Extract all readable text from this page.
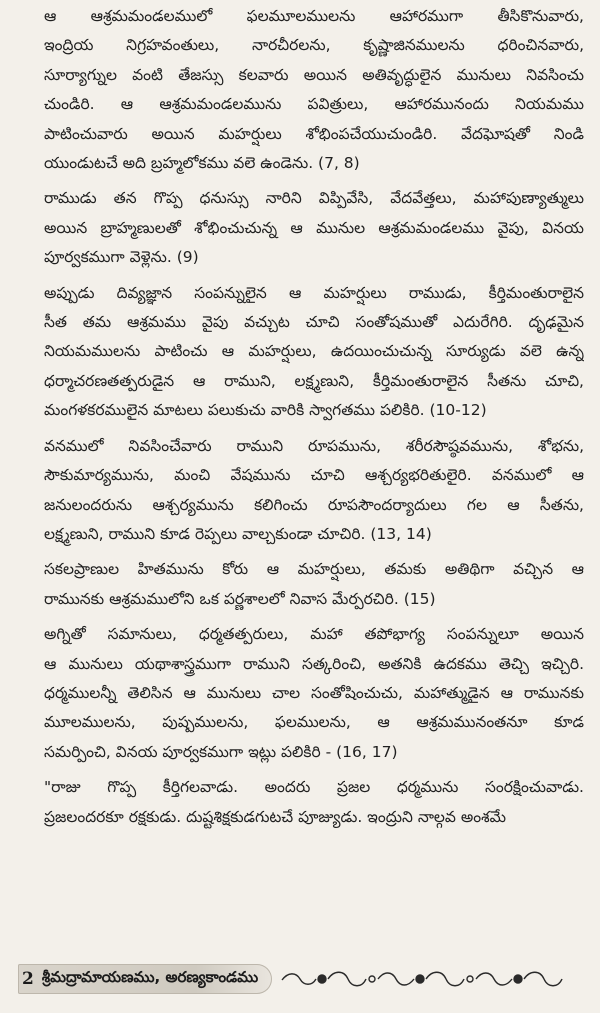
ఆ ఆశ్రమమండలములో ఫలమూలములను ఆహారముగా తీసికొనువారు,
ఇంద్రియ నిగ్రహవంతులు, నారచీరలను, కృష్ణాజినములను ధరించినవారు,
సూర్యాగ్నుల వంటి తేజస్సు కలవారు అయిన అతివృద్ధులైన మునులు నివసించు
చుండిరి. ఆ ఆశ్రమమండలమును పవిత్రులు, ఆహారమునందు నియమము
పాటించువారు అయిన మహర్షులు శోభింపచేయుచుండిరి. వేదఘోషతో నిండి
యుండుటచే అది బ్రహ్మలోకము వలె ఉండెను. (7, 8)
రాముడు తన గొప్ప ధనుస్సు నారిని విప్పివేసి, వేదవేత్తలు, మహాపుణ్యాత్ములు
అయిన బ్రాహ్మణులతో శోభించుచున్న ఆ మునుల ఆశ్రమమండలము వైపు, వినయ
పూర్వకముగా వెళ్లెను. (9)
అప్పుడు దివ్యజ్ఞాన సంపన్నులైన ఆ మహర్షులు రాముడు, కీర్తిమంతురాలైన
సీత తమ ఆశ్రమము వైపు వచ్చుట చూచి సంతోషముతో ఎదురేగిరి. దృఢమైన
నియమములను పాటించు ఆ మహర్షులు, ఉదయించుచున్న సూర్యుడు వలె ఉన్న
ధర్మాచరణతత్పరుడైన ఆ రాముని, లక్ష్మణుని, కీర్తిమంతురాలైన సీతను చూచి,
మంగళకరములైన మాటలు పలుకుచు వారికి స్వాగతము పలికిరి. (10-12)
వనములో నివసించేవారు రాముని రూపమును, శరీరసౌష్ఠవమును, శోభను,
సౌకుమార్యమును, మంచి వేషమును చూచి ఆశ్చర్యభరితులైరి. వనములో ఆ
జనులందరును ఆశ్చర్యమును కలిగించు రూపసౌందర్యాదులు గల ఆ సీతను,
లక్ష్మణుని, రాముని కూడ రెప్పలు వాల్చకుండా చూచిరి. (13, 14)
సకలప్రాణుల హితమును కోరు ఆ మహర్షులు, తమకు అతిథిగా వచ్చిన ఆ
రామునకు ఆశ్రమములోని ఒక పర్ణశాలలో నివాస మేర్పరచిరి. (15)
అగ్నితో సమానులు, ధర్మతత్పరులు, మహా తపోభాగ్య సంపన్నులూ అయిన
ఆ మునులు యథాశాస్త్రముగా రాముని సత్కరించి, అతనికి ఉదకము తెచ్చి ఇచ్చిరి.
ధర్మములన్నీ తెలిసిన ఆ మునులు చాల సంతోషించుచు, మహాత్ముడైన ఆ రామునకు
మూలములను, పుష్పములను, ఫలములను, ఆ ఆశ్రమమునంతనూ కూడ
సమర్పించి, వినయ పూర్వకముగా ఇట్లు పలికిరి - (16, 17)
"రాజు గొప్ప కీర్తిగలవాడు. అందరు ప్రజల ధర్మమును సంరక్షించువాడు.
ప్రజలందరకూ రక్షకుడు. దుష్టశిక్షకుడగుటచే పూజ్యుడు. ఇంద్రుని నాల్గవ అంశమే
2 శ్రీమద్రామాయణము, అరణ్యకాండము
